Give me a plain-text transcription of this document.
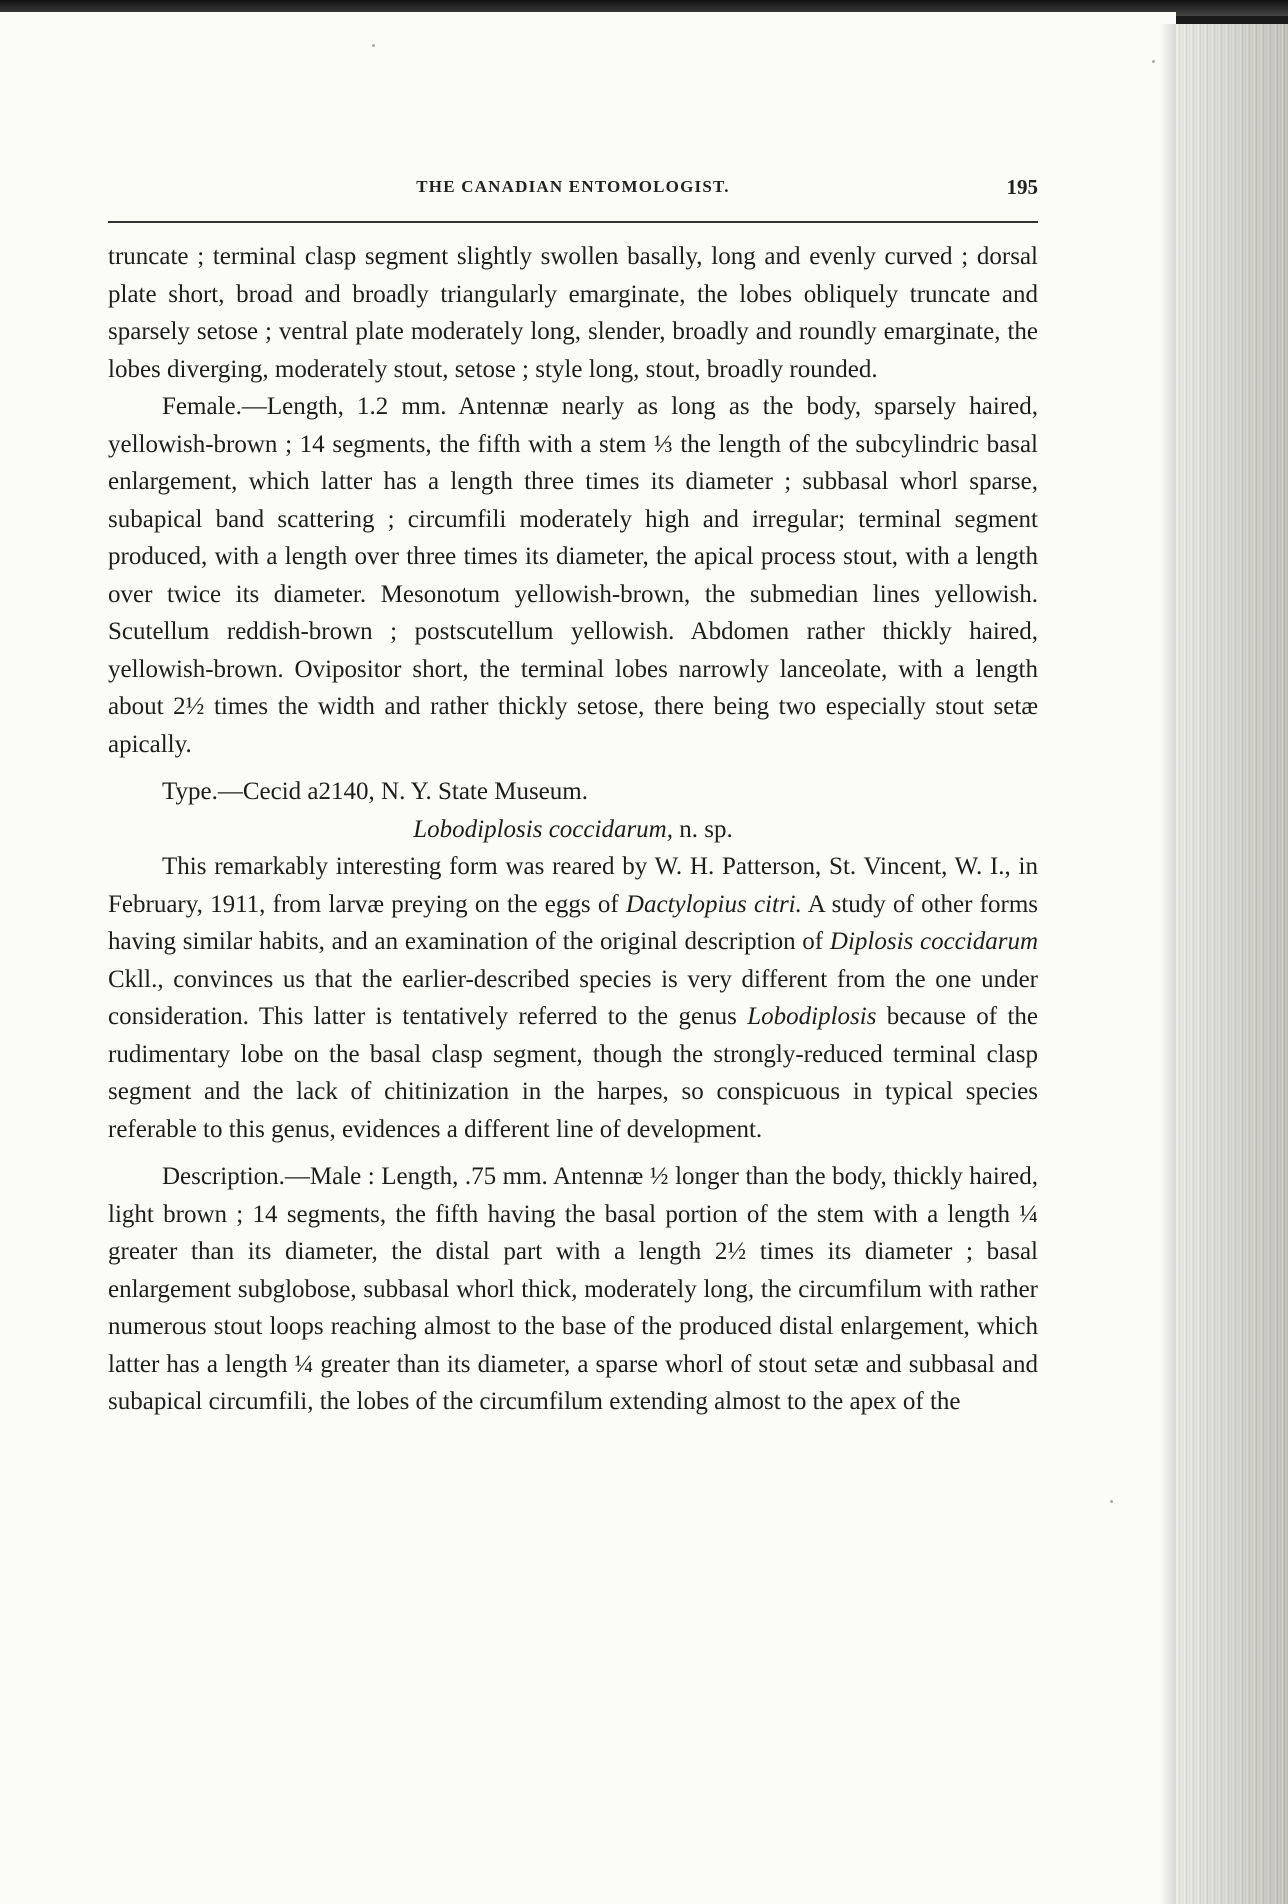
THE CANADIAN ENTOMOLOGIST.	195

truncate ; terminal clasp segment slightly swollen basally, long and evenly curved ; dorsal plate short, broad and broadly triangularly emarginate, the lobes obliquely truncate and sparsely setose ; ventral plate moderately long, slender, broadly and roundly emarginate, the lobes diverging, moderately stout, setose ; style long, stout, broadly rounded.

Female.—Length, 1.2 mm. Antennæ nearly as long as the body, sparsely haired, yellowish-brown ; 14 segments, the fifth with a stem ⅓ the length of the subcylindric basal enlargement, which latter has a length three times its diameter ; subbasal whorl sparse, subapical band scattering ; circumfili moderately high and irregular; terminal segment produced, with a length over three times its diameter, the apical process stout, with a length over twice its diameter. Mesonotum yellowish-brown, the submedian lines yellowish. Scutellum reddish-brown ; postscutellum yellowish. Abdomen rather thickly haired, yellowish-brown. Ovipositor short, the terminal lobes narrowly lanceolate, with a length about 2½ times the width and rather thickly setose, there being two especially stout setæ apically.

Type.—Cecid a2140, N. Y. State Museum.

Lobodiplosis coccidarum, n. sp.

This remarkably interesting form was reared by W. H. Patterson, St. Vincent, W. I., in February, 1911, from larvæ preying on the eggs of Dactylopius citri. A study of other forms having similar habits, and an examination of the original description of Diplosis coccidarum Ckll., convinces us that the earlier-described species is very different from the one under consideration. This latter is tentatively referred to the genus Lobodiplosis because of the rudimentary lobe on the basal clasp segment, though the strongly-reduced terminal clasp segment and the lack of chitinization in the harpes, so conspicuous in typical species referable to this genus, evidences a different line of development.

Description.—Male : Length, .75 mm. Antennæ ½ longer than the body, thickly haired, light brown ; 14 segments, the fifth having the basal portion of the stem with a length ¼ greater than its diameter, the distal part with a length 2½ times its diameter ; basal enlargement subglobose, subbasal whorl thick, moderately long, the circumfilum with rather numerous stout loops reaching almost to the base of the produced distal enlargement, which latter has a length ¼ greater than its diameter, a sparse whorl of stout setæ and subbasal and subapical circumfili, the lobes of the circumfilum extending almost to the apex of the
